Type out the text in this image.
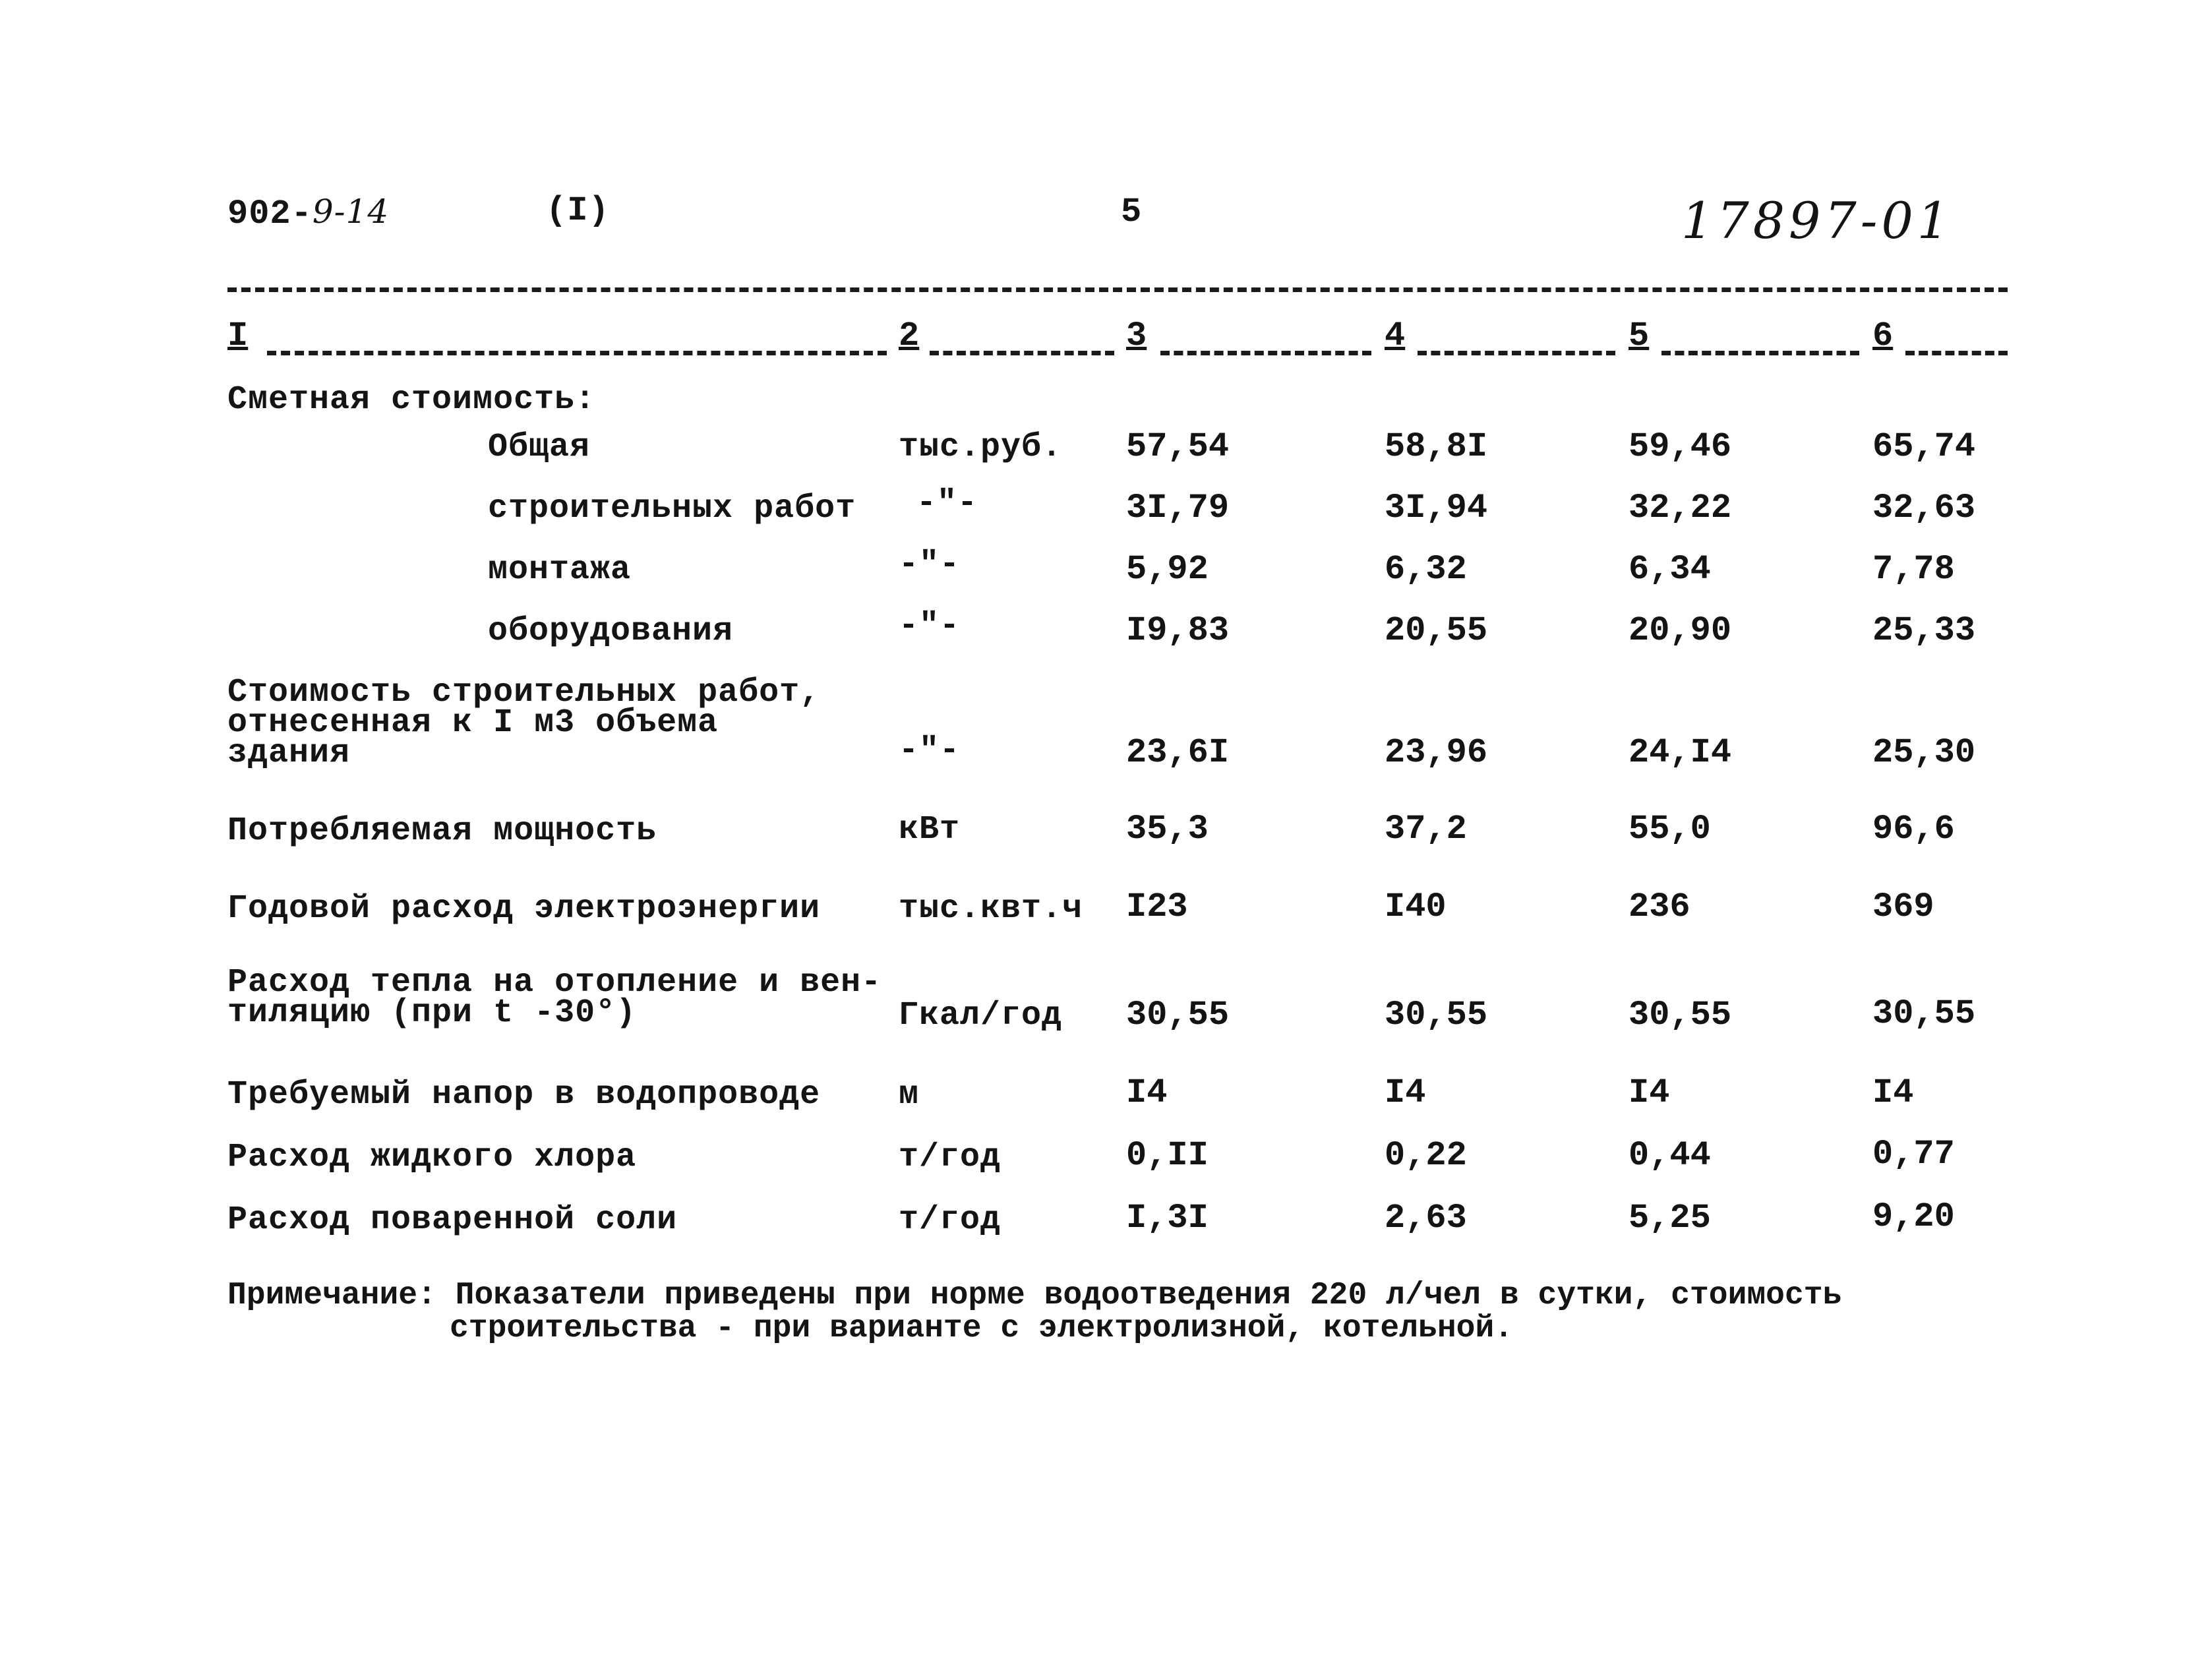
902-9-14	(I)	5	17897-01
I	2	3	4	5	6
Сметная стоимость:
Общая	тыс.руб. 57,54	58,8I	59,46	65,74
строительных работ -"-	3I,79	3I,94	32,22	32,63
монтажа	-"-	5,92	6,32	6,34	7,78
оборудования	-"-	I9,83	20,55	20,90	25,33
Стоимость строительных работ,
отнесенная к I м3 объема
здания	-"-	23,6I	23,96	24,I4	25,30
Потребляемая мощность	кВт	35,3	37,2	55,0	96,6
Годовой расход электроэнергии тыс.квт.ч I23	I40	236	369
Расход тепла на отопление и вен-
тиляцию (при t -30°)	Гкал/год 30,55	30,55	30,55	30,55
Требуемый напор в водопроводе м	I4	I4	I4	I4
Расход жидкого хлора	т/год	0,II	0,22	0,44	0,77
Расход поваренной соли	т/год	I,3I	2,63	5,25	9,20
Примечание: Показатели приведены при норме водоотведения 220 л/чел в сутки, стоимость
строительства - при варианте с электролизной, котельной.
